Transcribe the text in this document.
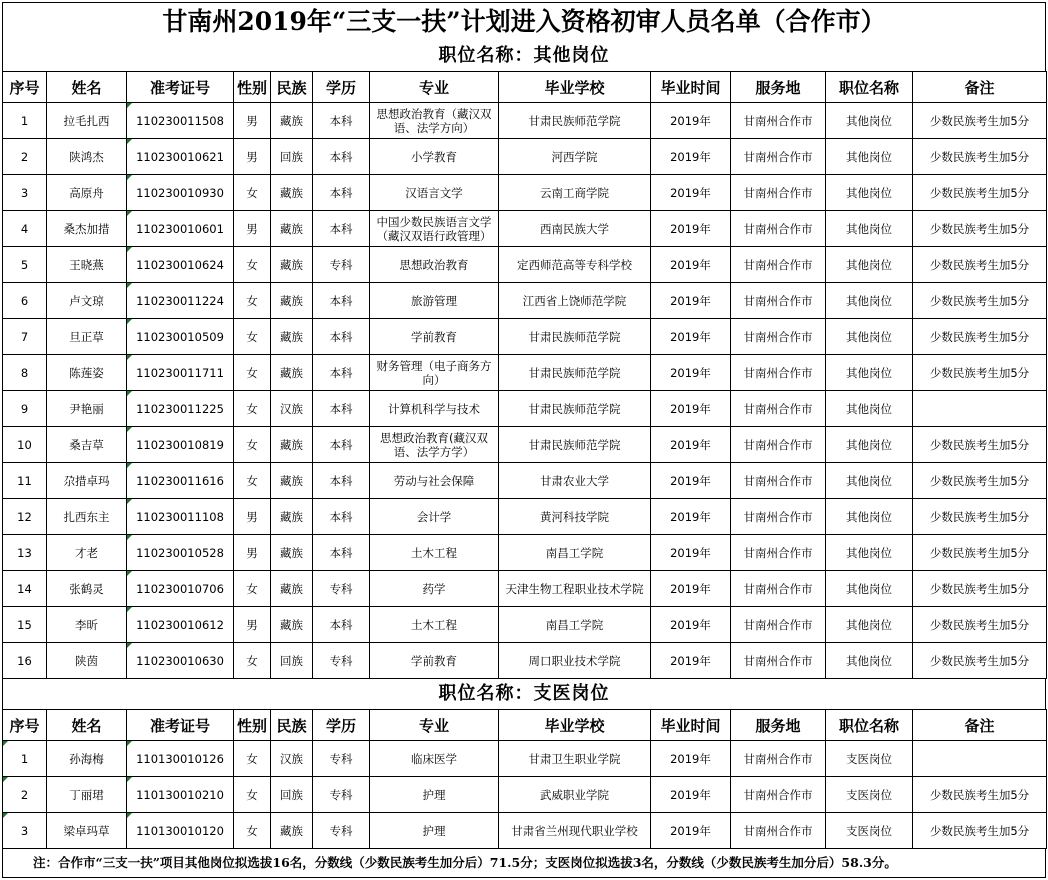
甘南州2019年“三支一扶”计划进入资格初审人员名单（合作市）
职位名称：其他岗位
序号	姓名	准考证号	性别	民族	学历	专业	毕业学校	毕业时间	服务地	职位名称	备注
1	拉毛扎西	110230011508	男	藏族	本科	思想政治教育（藏汉双语、法学方向）	甘肃民族师范学院	2019年	甘南州合作市	其他岗位	少数民族考生加5分
2	陕鸿杰	110230010621	男	回族	本科	小学教育	河西学院	2019年	甘南州合作市	其他岗位	少数民族考生加5分
3	高原舟	110230010930	女	藏族	本科	汉语言文学	云南工商学院	2019年	甘南州合作市	其他岗位	少数民族考生加5分
4	桑杰加措	110230010601	男	藏族	本科	中国少数民族语言文学（藏汉双语行政管理）	西南民族大学	2019年	甘南州合作市	其他岗位	少数民族考生加5分
5	王晓燕	110230010624	女	藏族	专科	思想政治教育	定西师范高等专科学校	2019年	甘南州合作市	其他岗位	少数民族考生加5分
6	卢文琼	110230011224	女	藏族	本科	旅游管理	江西省上饶师范学院	2019年	甘南州合作市	其他岗位	少数民族考生加5分
7	旦正草	110230010509	女	藏族	本科	学前教育	甘肃民族师范学院	2019年	甘南州合作市	其他岗位	少数民族考生加5分
8	陈莲姿	110230011711	女	藏族	本科	财务管理（电子商务方向）	甘肃民族师范学院	2019年	甘南州合作市	其他岗位	少数民族考生加5分
9	尹艳丽	110230011225	女	汉族	本科	计算机科学与技术	甘肃民族师范学院	2019年	甘南州合作市	其他岗位	
10	桑吉草	110230010819	女	藏族	本科	思想政治教育(藏汉双语、法学方学）	甘肃民族师范学院	2019年	甘南州合作市	其他岗位	少数民族考生加5分
11	尕措卓玛	110230011616	女	藏族	本科	劳动与社会保障	甘肃农业大学	2019年	甘南州合作市	其他岗位	少数民族考生加5分
12	扎西东主	110230011108	男	藏族	本科	会计学	黄河科技学院	2019年	甘南州合作市	其他岗位	少数民族考生加5分
13	才老	110230010528	男	藏族	本科	土木工程	南昌工学院	2019年	甘南州合作市	其他岗位	少数民族考生加5分
14	张鹤灵	110230010706	女	藏族	专科	药学	天津生物工程职业技术学院	2019年	甘南州合作市	其他岗位	少数民族考生加5分
15	李昕	110230010612	男	藏族	本科	土木工程	南昌工学院	2019年	甘南州合作市	其他岗位	少数民族考生加5分
16	陕茵	110230010630	女	回族	专科	学前教育	周口职业技术学院	2019年	甘南州合作市	其他岗位	少数民族考生加5分
职位名称：支医岗位
序号	姓名	准考证号	性别	民族	学历	专业	毕业学校	毕业时间	服务地	职位名称	备注
1	孙海梅	110130010126	女	汉族	专科	临床医学	甘肃卫生职业学院	2019年	甘南州合作市	支医岗位	
2	丁丽珺	110130010210	女	回族	专科	护理	武威职业学院	2019年	甘南州合作市	支医岗位	少数民族考生加5分
3	梁卓玛草	110130010120	女	藏族	专科	护理	甘肃省兰州现代职业学校	2019年	甘南州合作市	支医岗位	少数民族考生加5分
注：合作市“三支一扶”项目其他岗位拟选拔16名，分数线（少数民族考生加分后）71.5分；支医岗位拟选拔3名，分数线（少数民族考生加分后）58.3分。
